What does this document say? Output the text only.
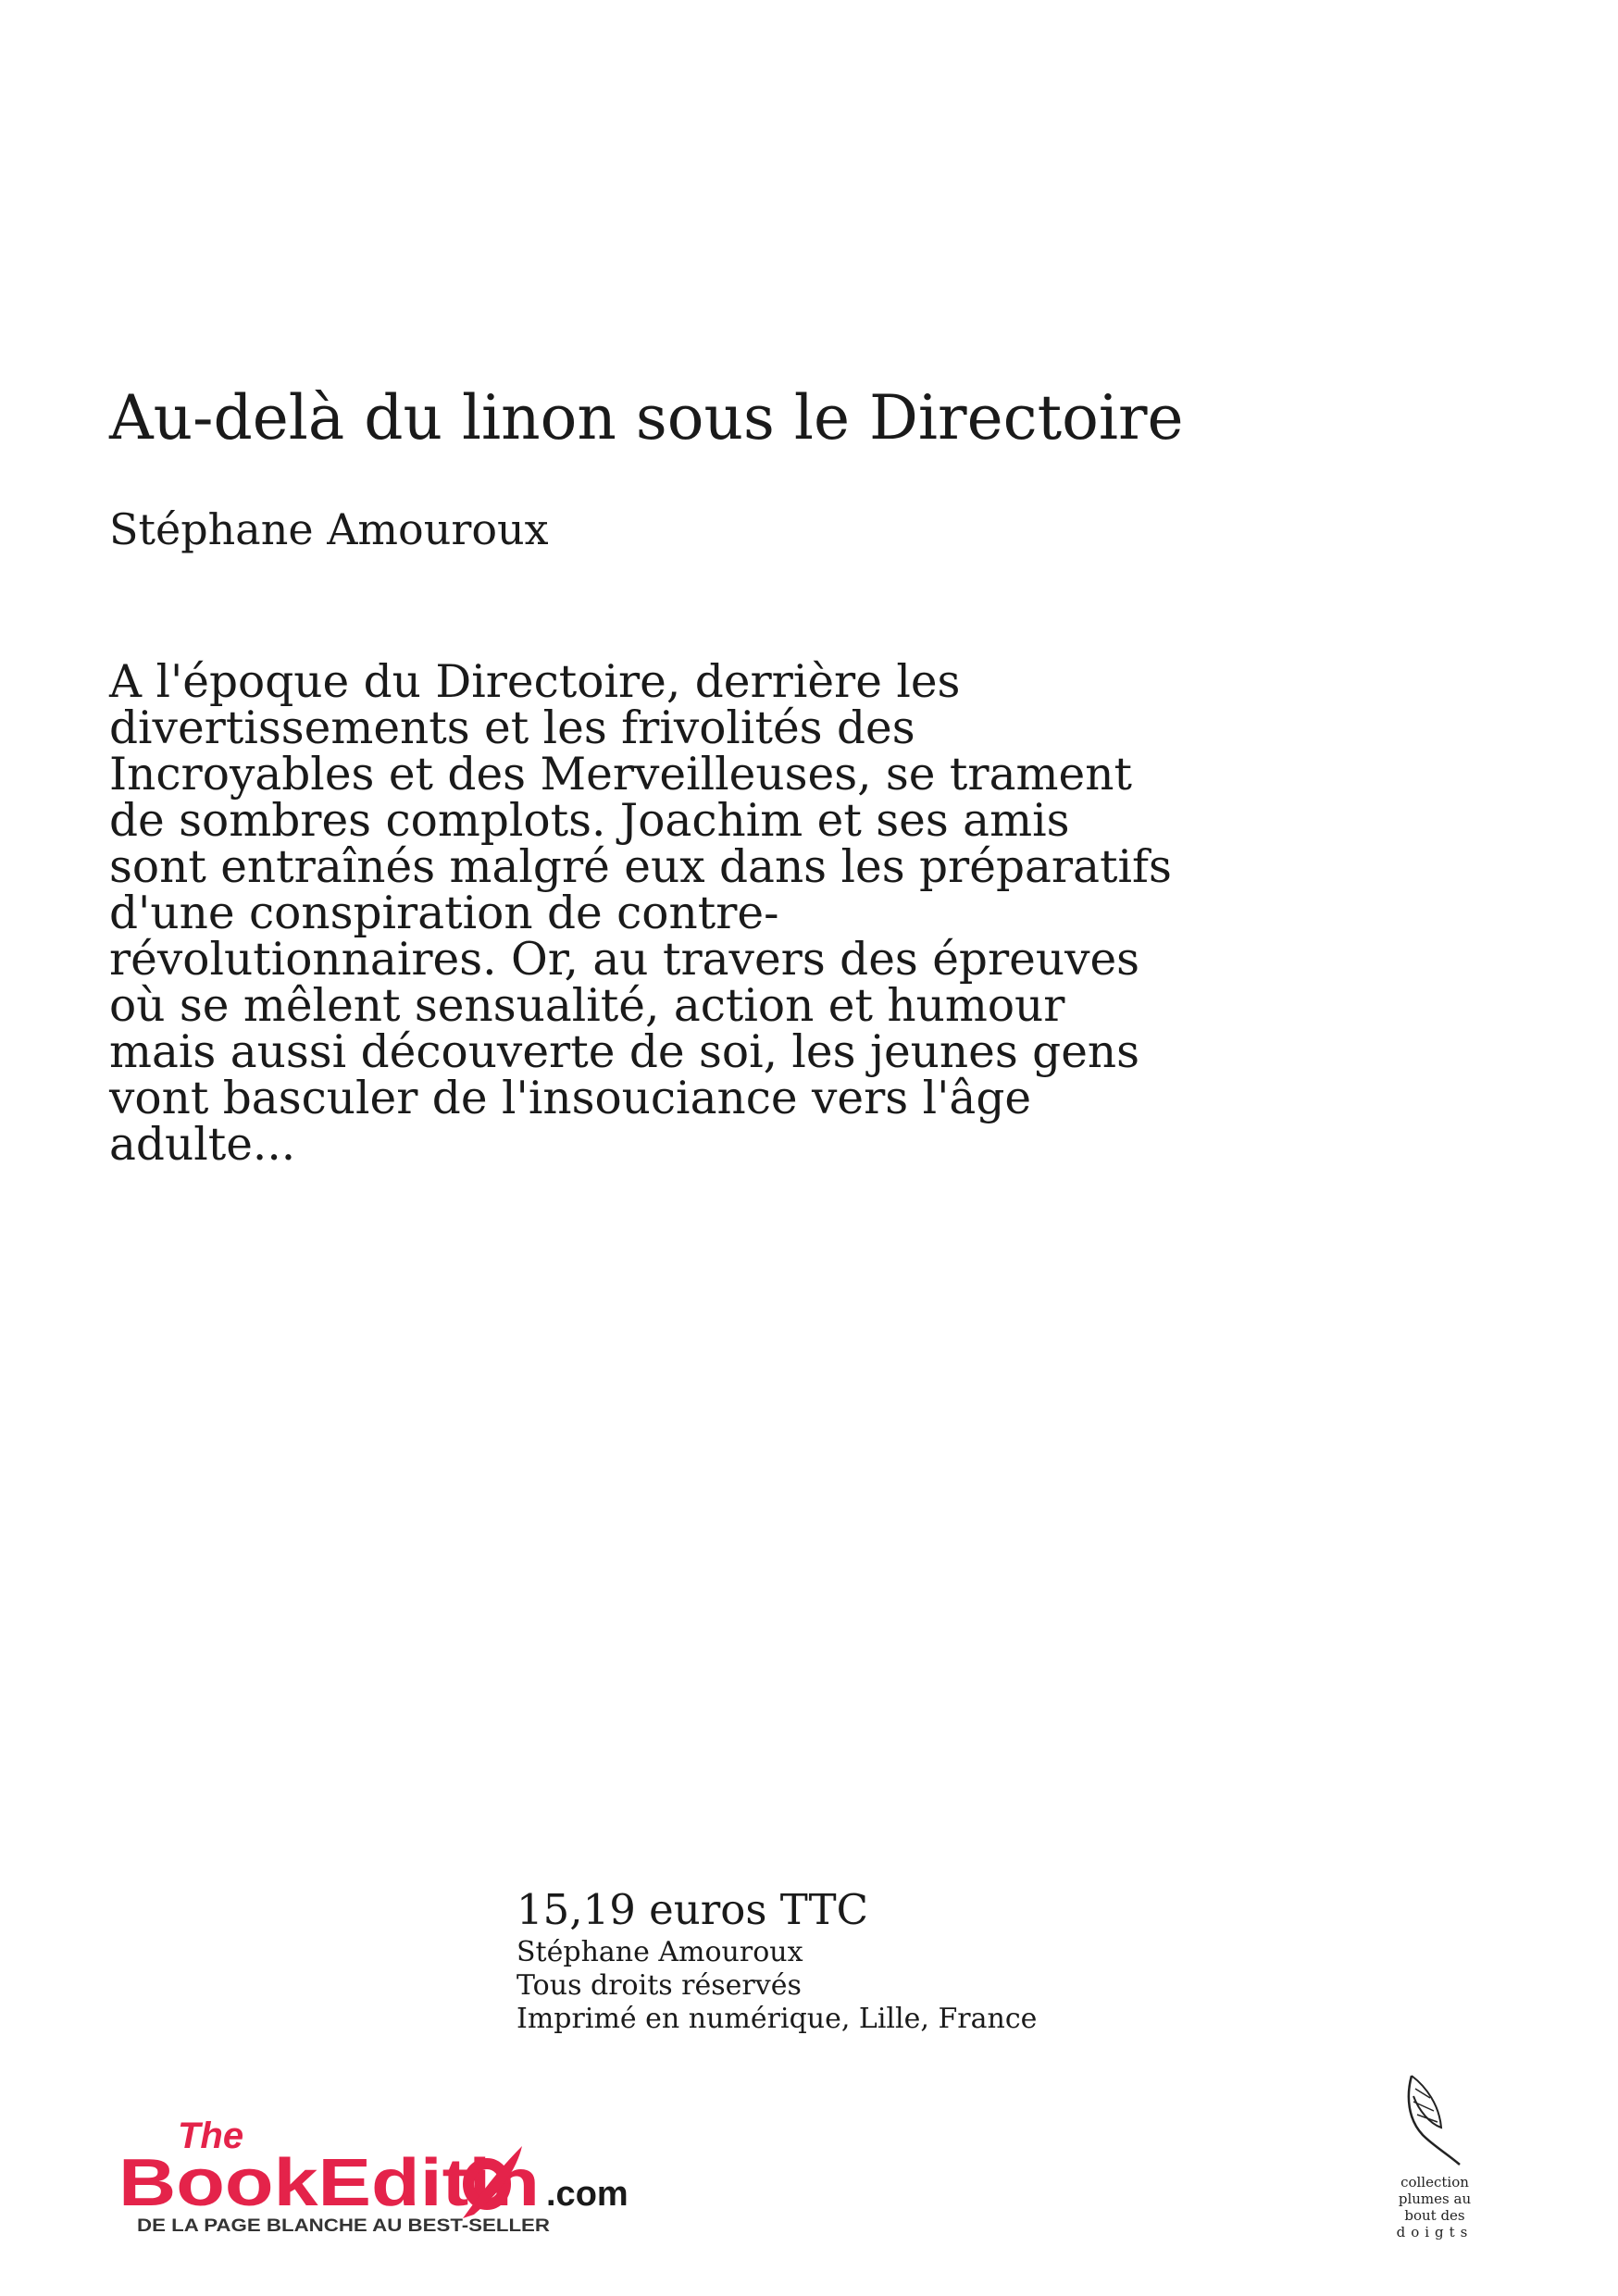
Au-delà du linon sous le Directoire
Stéphane Amouroux
A l'époque du Directoire, derrière les
divertissements et les frivolités des
Incroyables et des Merveilleuses, se trament
de sombres complots. Joachim et ses amis
sont entraînés malgré eux dans les préparatifs
d'une conspiration de contre-
révolutionnaires. Or, au travers des épreuves
où se mêlent sensualité, action et humour
mais aussi découverte de soi, les jeunes gens
vont basculer de l'insouciance vers l'âge
adulte...
15,19 euros TTC
Stéphane Amouroux
Tous droits réservés
Imprimé en numérique, Lille, France
The
BookEditi n .com
DE LA PAGE BLANCHE AU BEST-SELLER
collection
plumes au
bout des
doigts
